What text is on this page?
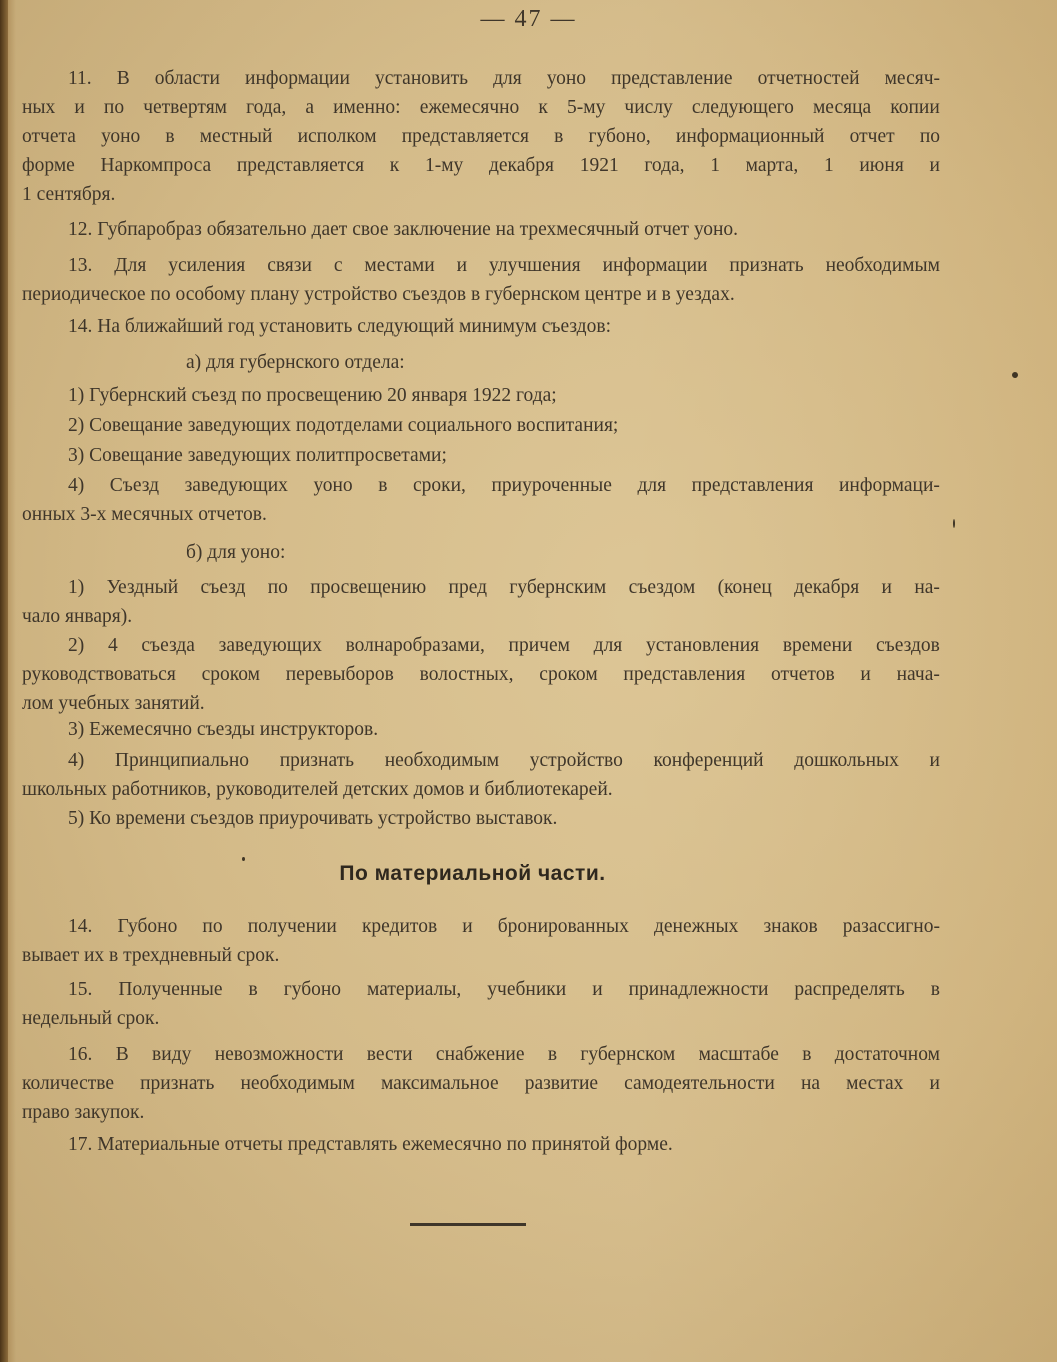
— 47 —
11. В области информации установить для уоно представление отчетностей месяч-
ных и по четвертям года, а именно: ежемесячно к 5-му числу следующего месяца копии
отчета уоно в местный исполком представляется в губоно, информационный отчет по
форме Наркомпроса представляется к 1-му декабря 1921 года, 1 марта, 1 июня и
1 сентября.
12. Губпаробраз обязательно дает свое заключение на трехмесячный отчет уоно.
13. Для усиления связи с местами и улучшения информации признать необходимым
периодическое по особому плану устройство съездов в губернском центре и в уездах.
14. На ближайший год установить следующий минимум съездов:
а) для губернского отдела:
1) Губернский съезд по просвещению 20 января 1922 года;
2) Совещание заведующих подотделами социального воспитания;
3) Совещание заведующих политпросветами;
4) Съезд заведующих уоно в сроки, приуроченные для представления информаци-
онных 3-х месячных отчетов.
б) для уоно:
1) Уездный съезд по просвещению пред губернским съездом (конец декабря и на-
чало января).
2) 4 съезда заведующих волнаробразами, причем для установления времени съездов
руководствоваться сроком перевыборов волостных, сроком представления отчетов и нача-
лом учебных занятий.
3) Ежемесячно съезды инструкторов.
4) Принципиально признать необходимым устройство конференций дошкольных и
школьных работников, руководителей детских домов и библиотекарей.
5) Ко времени съездов приурочивать устройство выставок.
По материальной части.
14. Губоно по получении кредитов и бронированных денежных знаков разассигно-
вывает их в трехдневный срок.
15. Полученные в губоно материалы, учебники и принадлежности распределять в
недельный срок.
16. В виду невозможности вести снабжение в губернском масштабе в достаточном
количестве признать необходимым максимальное развитие самодеятельности на местах и
право закупок.
17. Материальные отчеты представлять ежемесячно по принятой форме.
